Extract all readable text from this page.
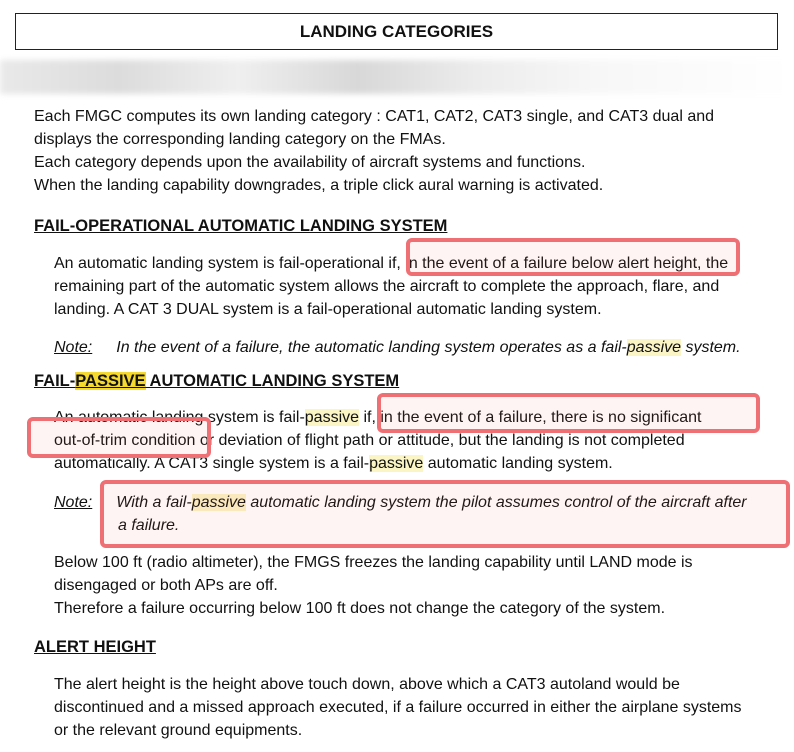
LANDING CATEGORIES
Each FMGC computes its own landing category : CAT1, CAT2, CAT3 single, and CAT3 dual and
displays the corresponding landing category on the FMAs.
Each category depends upon the availability of aircraft systems and functions.
When the landing capability downgrades, a triple click aural warning is activated.
FAIL-OPERATIONAL AUTOMATIC LANDING SYSTEM
An automatic landing system is fail-operational if, in the event of a failure below alert height, the
remaining part of the automatic system allows the aircraft to complete the approach, flare, and
landing. A CAT 3 DUAL system is a fail-operational automatic landing system.
Note: In the event of a failure, the automatic landing system operates as a fail-passive system.
FAIL-PASSIVE AUTOMATIC LANDING SYSTEM
An automatic landing system is fail-passive if, in the event of a failure, there is no significant
out-of-trim condition or deviation of flight path or attitude, but the landing is not completed
automatically. A CAT3 single system is a fail-passive automatic landing system.
Note: With a fail-passive automatic landing system the pilot assumes control of the aircraft after
a failure.
Below 100 ft (radio altimeter), the FMGS freezes the landing capability until LAND mode is
disengaged or both APs are off.
Therefore a failure occurring below 100 ft does not change the category of the system.
ALERT HEIGHT
The alert height is the height above touch down, above which a CAT3 autoland would be
discontinued and a missed approach executed, if a failure occurred in either the airplane systems
or the relevant ground equipments.
